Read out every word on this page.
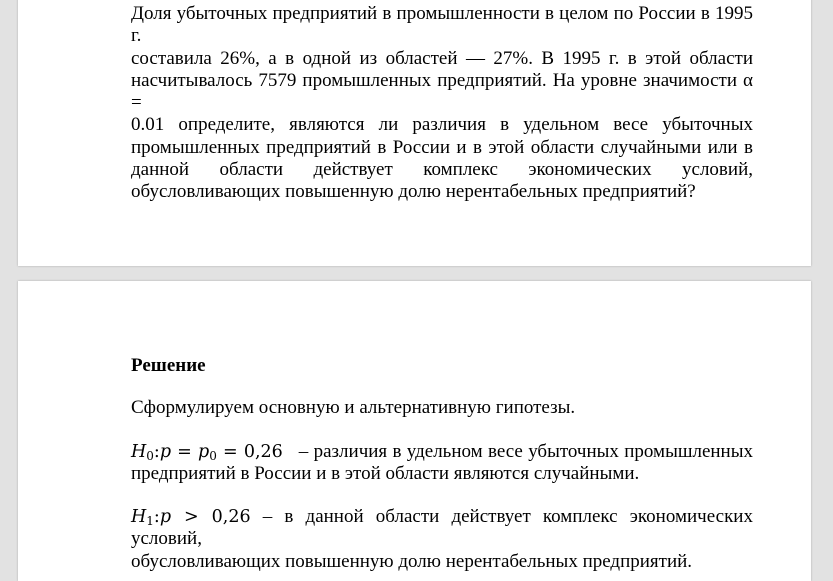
Доля убыточных предприятий в промышленности в целом по России в 1995 г.
составила 26%, а в одной из областей — 27%. В 1995 г. в этой области
насчитывалось 7579 промышленных предприятий. На уровне значимости α =
0.01 определите, являются ли различия в удельном весе убыточных
промышленных предприятий в России и в этой области случайными или в
данной области действует комплекс экономических условий,
обусловливающих повышенную долю нерентабельных предприятий?
Решение
Сформулируем основную и альтернативную гипотезы.
$H_0:p = p_0 = 0,26$ – различия в удельном весе убыточных промышленных
предприятий в России и в этой области являются случайными.
$H_1:p > 0,26 - в$ данной области действует комплекс экономических условий,
обусловливающих повышенную долю нерентабельных предприятий.
